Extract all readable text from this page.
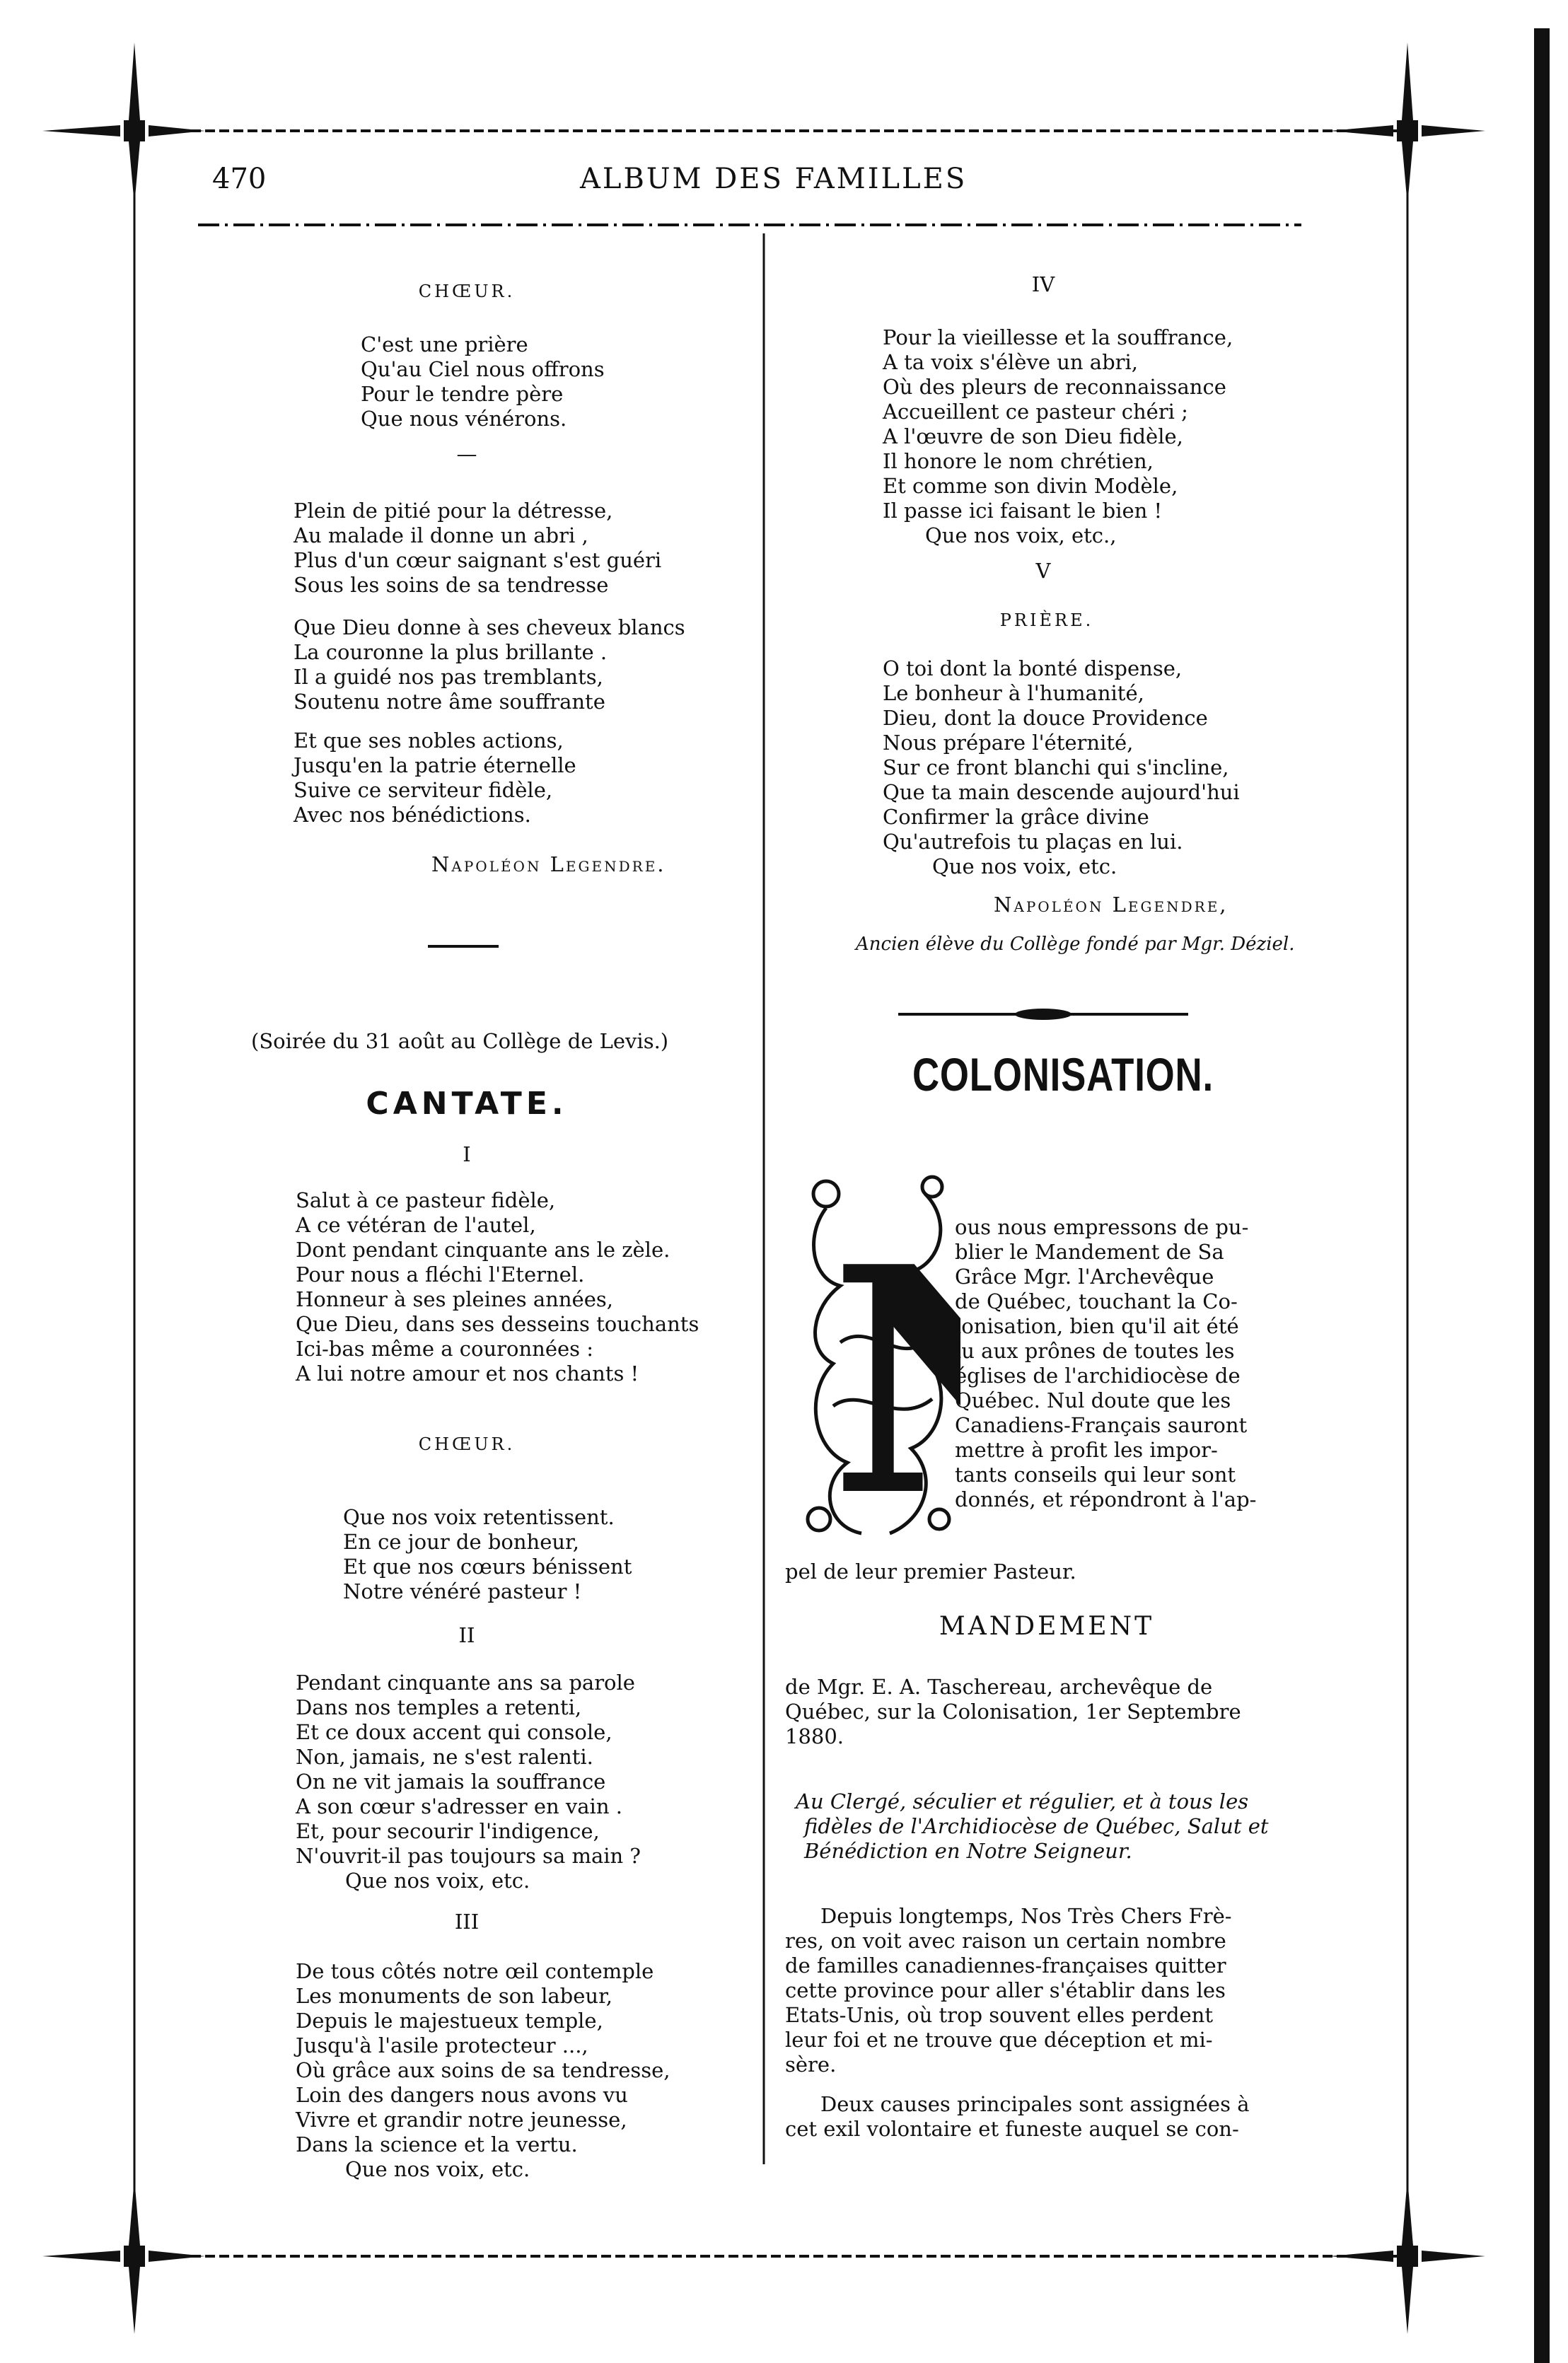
470	ALBUM DES FAMILLES
CHŒUR.
C'est une prière
Qu'au Ciel nous offrons
Pour le tendre père
Que nous vénérons.
—
Plein de pitié pour la détresse,
Au malade il donne un abri ,
Plus d'un cœur saignant s'est guéri
Sous les soins de sa tendresse
Que Dieu donne à ses cheveux blancs
La couronne la plus brillante .
Il a guidé nos pas tremblants,
Soutenu notre âme souffrante
Et que ses nobles actions,
Jusqu'en la patrie éternelle
Suive ce serviteur fidèle,
Avec nos bénédictions.
Napoléon Legendre.
(Soirée du 31 août au Collège de Levis.)
CANTATE.
I
Salut à ce pasteur fidèle,
A ce vétéran de l'autel,
Dont pendant cinquante ans le zèle.
Pour nous a fléchi l'Eternel.
Honneur à ses pleines années,
Que Dieu, dans ses desseins touchants
Ici-bas même a couronnées :
A lui notre amour et nos chants !
CHŒUR.
Que nos voix retentissent.
En ce jour de bonheur,
Et que nos cœurs bénissent
Notre vénéré pasteur !
II
Pendant cinquante ans sa parole
Dans nos temples a retenti,
Et ce doux accent qui console,
Non, jamais, ne s'est ralenti.
On ne vit jamais la souffrance
A son cœur s'adresser en vain .
Et, pour secourir l'indigence,
N'ouvrit-il pas toujours sa main ?
Que nos voix, etc.
III
De tous côtés notre œil contemple
Les monuments de son labeur,
Depuis le majestueux temple,
Jusqu'à l'asile protecteur ...,
Où grâce aux soins de sa tendresse,
Loin des dangers nous avons vu
Vivre et grandir notre jeunesse,
Dans la science et la vertu.
Que nos voix, etc.
IV
Pour la vieillesse et la souffrance,
A ta voix s'élève un abri,
Où des pleurs de reconnaissance
Accueillent ce pasteur chéri ;
A l'œuvre de son Dieu fidèle,
Il honore le nom chrétien,
Et comme son divin Modèle,
Il passe ici faisant le bien !
Que nos voix, etc.,
V
PRIÈRE.
O toi dont la bonté dispense,
Le bonheur à l'humanité,
Dieu, dont la douce Providence
Nous prépare l'éternité,
Sur ce front blanchi qui s'incline,
Que ta main descende aujourd'hui
Confirmer la grâce divine
Qu'autrefois tu plaças en lui.
Que nos voix, etc.
Napoléon Legendre,
Ancien élève du Collège fondé par Mgr. Déziel.
COLONISATION.
ous nous empressons de pu-
blier le Mandement de Sa
Grâce Mgr. l'Archevêque
de Québec, touchant la Co-
lonisation, bien qu'il ait été
lu aux prônes de toutes les
églises de l'archidiocèse de
Québec. Nul doute que les
Canadiens-Français sauront
mettre à profit les impor-
tants conseils qui leur sont
donnés, et répondront à l'ap-
pel de leur premier Pasteur.
MANDEMENT
de Mgr. E. A. Taschereau, archevêque de
Québec, sur la Colonisation, 1er Septembre
1880.
Au Clergé, séculier et régulier, et à tous les
fidèles de l'Archidiocèse de Québec, Salut et
Bénédiction en Notre Seigneur.
Depuis longtemps, Nos Très Chers Frè-
res, on voit avec raison un certain nombre
de familles canadiennes-françaises quitter
cette province pour aller s'établir dans les
Etats-Unis, où trop souvent elles perdent
leur foi et ne trouve que déception et mi-
sère.
Deux causes principales sont assignées à
cet exil volontaire et funeste auquel se con-
